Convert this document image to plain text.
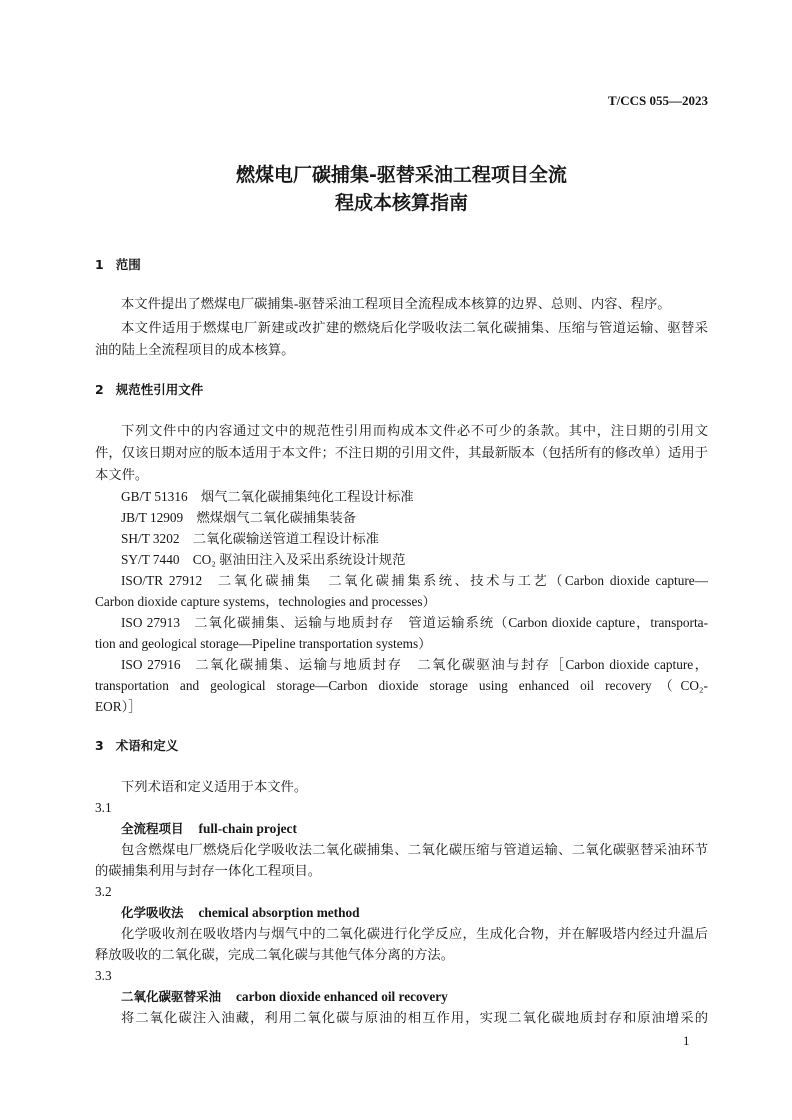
T/CCS 055—2023
燃煤电厂碳捕集-驱替采油工程项目全流
程成本核算指南
1 范围
本文件提出了燃煤电厂碳捕集-驱替采油工程项目全流程成本核算的边界、总则、内容、程序。
本文件适用于燃煤电厂新建或改扩建的燃烧后化学吸收法二氧化碳捕集、压缩与管道运输、驱替采
油的陆上全流程项目的成本核算。
2 规范性引用文件
下列文件中的内容通过文中的规范性引用而构成本文件必不可少的条款。其中，注日期的引用文
件，仅该日期对应的版本适用于本文件；不注日期的引用文件，其最新版本（包括所有的修改单）适用于
本文件。
GB/T 51316 烟气二氧化碳捕集纯化工程设计标准
JB/T 12909 燃煤烟气二氧化碳捕集装备
SH/T 3202 二氧化碳输送管道工程设计标准
SY/T 7440 CO₂ 驱油田注入及采出系统设计规范
ISO/TR 27912 二氧化碳捕集　二氧化碳捕集系统、技术与工艺（Carbon dioxide capture—
Carbon dioxide capture systems，technologies and processes）
ISO 27913 二氧化碳捕集、运输与地质封存　管道运输系统（Carbon dioxide capture，transporta-
tion and geological storage—Pipeline transportation systems）
ISO 27916 二氧化碳捕集、运输与地质封存　二氧化碳驱油与封存［Carbon dioxide capture，
transportation and geological storage—Carbon dioxide storage using enhanced oil recovery（CO₂-
EOR）］
3 术语和定义
下列术语和定义适用于本文件。
3.1
全流程项目 full-chain project
包含燃煤电厂燃烧后化学吸收法二氧化碳捕集、二氧化碳压缩与管道运输、二氧化碳驱替采油环节
的碳捕集利用与封存一体化工程项目。
3.2
化学吸收法 chemical absorption method
化学吸收剂在吸收塔内与烟气中的二氧化碳进行化学反应，生成化合物，并在解吸塔内经过升温后
释放吸收的二氧化碳，完成二氧化碳与其他气体分离的方法。
3.3
二氧化碳驱替采油 carbon dioxide enhanced oil recovery
将二氧化碳注入油藏，利用二氧化碳与原油的相互作用，实现二氧化碳地质封存和原油增采的
1
